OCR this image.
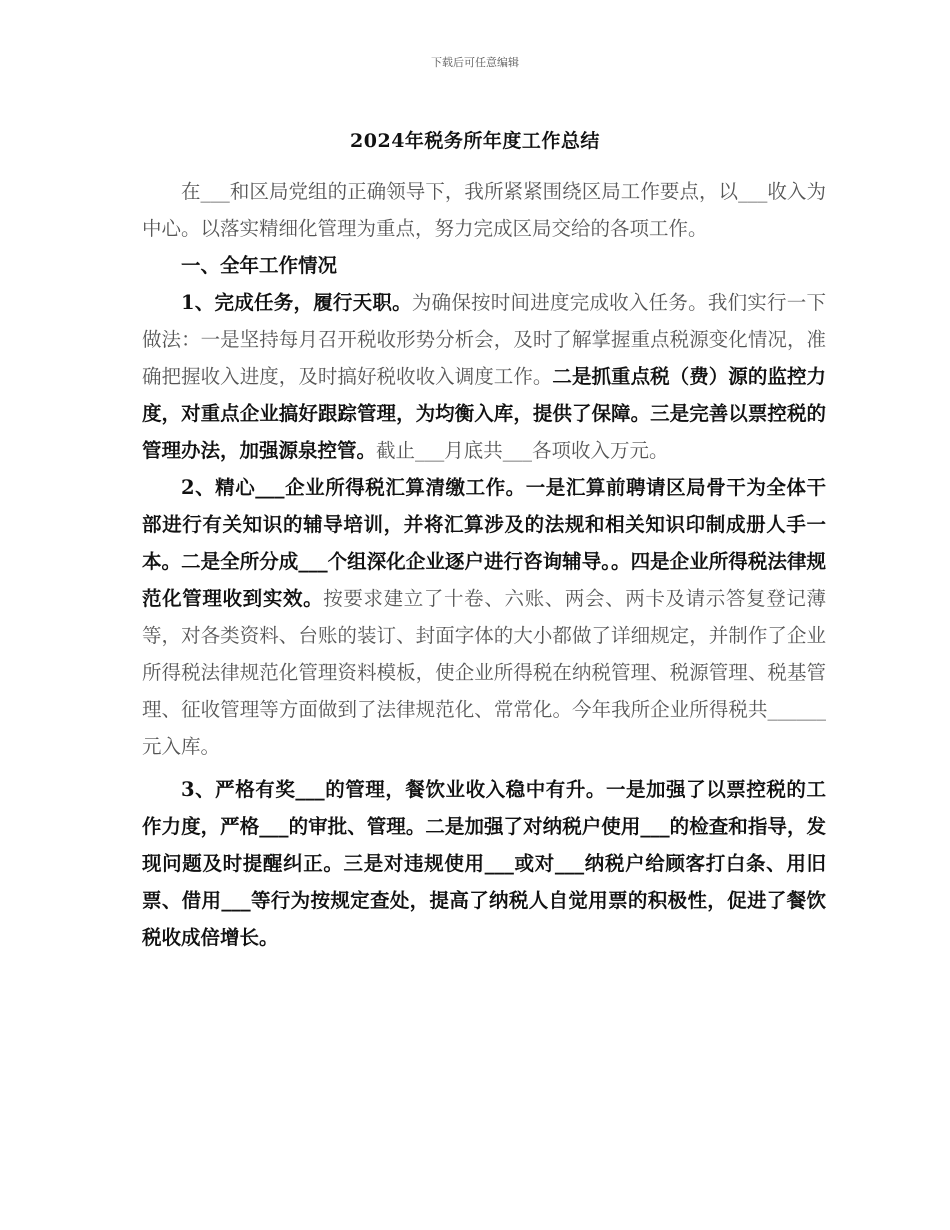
下载后可任意编辑
2024年税务所年度工作总结

在___和区局党组的正确领导下，我所紧紧围绕区局工作要点，以___收入为中心。以落实精细化管理为重点，努力完成区局交给的各项工作。

一、全年工作情况

1、完成任务，履行天职。为确保按时间进度完成收入任务。我们实行一下做法：一是坚持每月召开税收形势分析会，及时了解掌握重点税源变化情况，准确把握收入进度，及时搞好税收收入调度工作。二是抓重点税（费）源的监控力度，对重点企业搞好跟踪管理，为均衡入库，提供了保障。三是完善以票控税的管理办法，加强源泉控管。截止___月底共___各项收入万元。

2、精心___企业所得税汇算清缴工作。一是汇算前聘请区局骨干为全体干部进行有关知识的辅导培训，并将汇算涉及的法规和相关知识印制成册人手一本。二是全所分成___个组深化企业逐户进行咨询辅导。。四是企业所得税法律规范化管理收到实效。按要求建立了十卷、六账、两会、两卡及请示答复登记薄等，对各类资料、台账的装订、封面字体的大小都做了详细规定，并制作了企业所得税法律规范化管理资料模板，使企业所得税在纳税管理、税源管理、税基管理、征收管理等方面做到了法律规范化、常常化。今年我所企业所得税共______元入库。

3、严格有奖___的管理，餐饮业收入稳中有升。一是加强了以票控税的工作力度，严格___的审批、管理。二是加强了对纳税户使用___的检查和指导，发现问题及时提醒纠正。三是对违规使用___或对___纳税户给顾客打白条、用旧票、借用___等行为按规定查处，提高了纳税人自觉用票的积极性，促进了餐饮税收成倍增长。
